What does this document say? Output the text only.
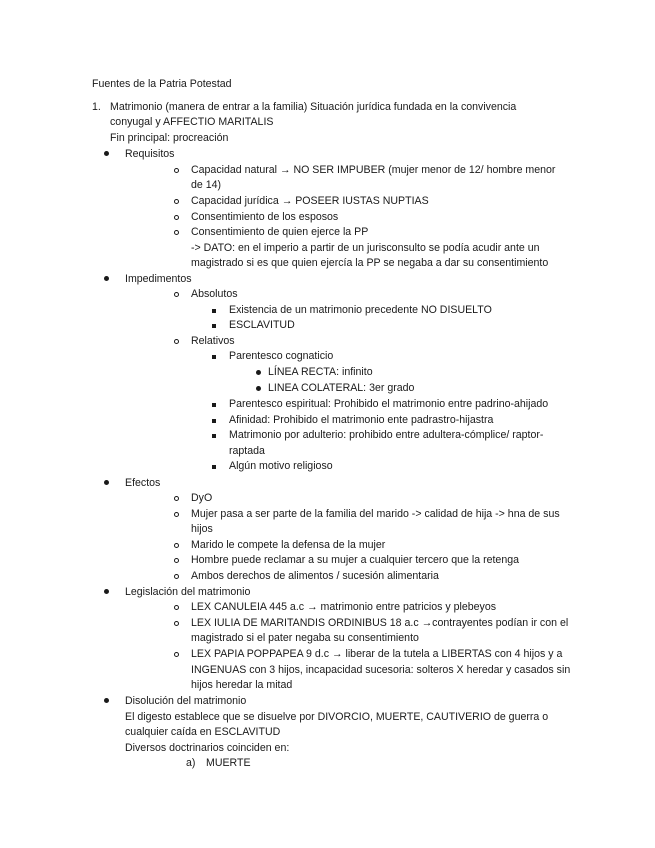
Fuentes de la Patria Potestad
1. Matrimonio (manera de entrar a la familia) Situación jurídica fundada en la convivencia
conyugal y AFFECTIO MARITALIS
Fin principal: procreación
Requisitos
Capacidad natural → NO SER IMPUBER (mujer menor de 12/ hombre menor
de 14)
Capacidad jurídica → POSEER IUSTAS NUPTIAS
Consentimiento de los esposos
Consentimiento de quien ejerce la PP
-> DATO: en el imperio a partir de un jurisconsulto se podía acudir ante un
magistrado si es que quien ejercía la PP se negaba a dar su consentimiento
Impedimentos
Absolutos
Existencia de un matrimonio precedente NO DISUELTO
ESCLAVITUD
Relativos
Parentesco cognaticio
LÍNEA RECTA: infinito
LINEA COLATERAL: 3er grado
Parentesco espiritual: Prohibido el matrimonio entre padrino-ahijado
Afinidad: Prohibido el matrimonio ente padrastro-hijastra
Matrimonio por adulterio: prohibido entre adultera-cómplice/ raptor-
raptada
Algún motivo religioso
Efectos
DyO
Mujer pasa a ser parte de la familia del marido -> calidad de hija -> hna de sus
hijos
Marido le compete la defensa de la mujer
Hombre puede reclamar a su mujer a cualquier tercero que la retenga
Ambos derechos de alimentos / sucesión alimentaria
Legislación del matrimonio
LEX CANULEIA 445 a.c → matrimonio entre patricios y plebeyos
LEX IULIA DE MARITANDIS ORDINIBUS 18 a.c →contrayentes podían ir con el
magistrado si el pater negaba su consentimiento
LEX PAPIA POPPAPEA 9 d.c → liberar de la tutela a LIBERTAS con 4 hijos y a
INGENUAS con 3 hijos, incapacidad sucesoria: solteros X heredar y casados sin
hijos heredar la mitad
Disolución del matrimonio
El digesto establece que se disuelve por DIVORCIO, MUERTE, CAUTIVERIO de guerra o
cualquier caída en ESCLAVITUD
Diversos doctrinarios coinciden en:
a) MUERTE
